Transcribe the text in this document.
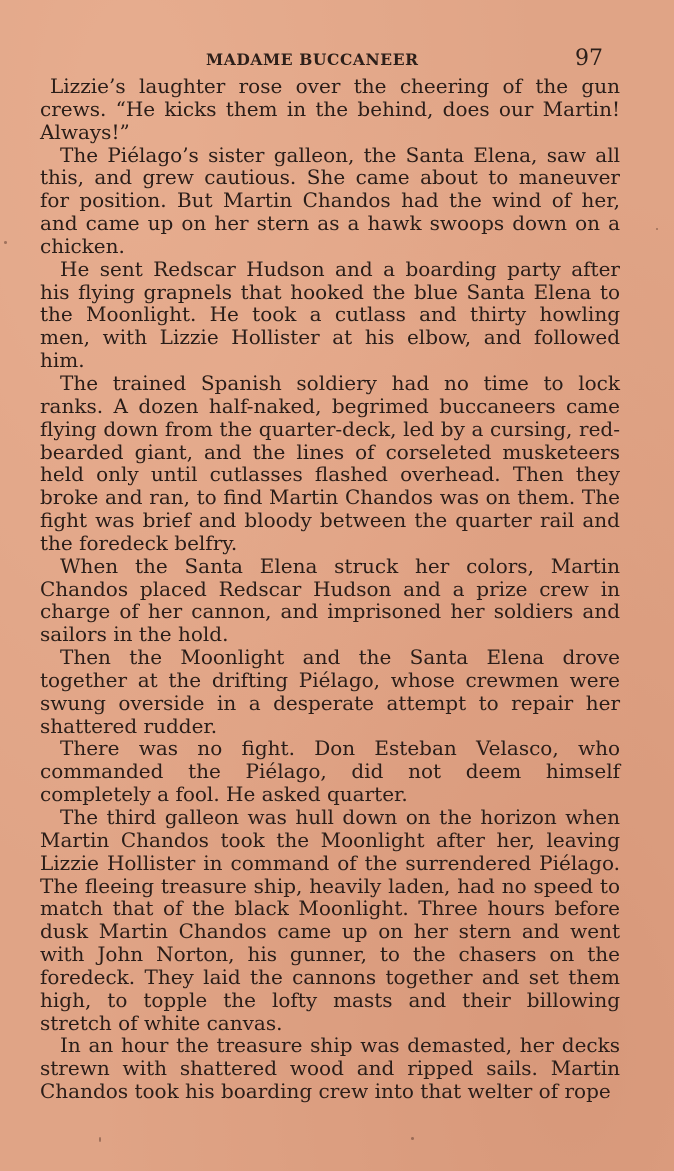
MADAME BUCCANEER	97

Lizzie’s laughter rose over the cheering of the gun crews. “He kicks them in the behind, does our Martin! Always!”

The Piélago’s sister galleon, the Santa Elena, saw all this, and grew cautious. She came about to maneuver for position. But Martin Chandos had the wind of her, and came up on her stern as a hawk swoops down on a chicken.

He sent Redscar Hudson and a boarding party after his flying grapnels that hooked the blue Santa Elena to the Moonlight. He took a cutlass and thirty howling men, with Lizzie Hollister at his elbow, and followed him.

The trained Spanish soldiery had no time to lock ranks. A dozen half-naked, begrimed buccaneers came flying down from the quarter-deck, led by a cursing, red-bearded giant, and the lines of corseleted musketeers held only until cutlasses flashed overhead. Then they broke and ran, to find Martin Chandos was on them. The fight was brief and bloody between the quarter rail and the foredeck belfry.

When the Santa Elena struck her colors, Martin Chandos placed Redscar Hudson and a prize crew in charge of her cannon, and imprisoned her soldiers and sailors in the hold.

Then the Moonlight and the Santa Elena drove together at the drifting Piélago, whose crewmen were swung overside in a desperate attempt to repair her shattered rudder.

There was no fight. Don Esteban Velasco, who commanded the Piélago, did not deem himself completely a fool. He asked quarter.

The third galleon was hull down on the horizon when Martin Chandos took the Moonlight after her, leaving Lizzie Hollister in command of the surrendered Piélago. The fleeing treasure ship, heavily laden, had no speed to match that of the black Moonlight. Three hours before dusk Martin Chandos came up on her stern and went with John Norton, his gunner, to the chasers on the foredeck. They laid the cannons together and set them high, to topple the lofty masts and their billowing stretch of white canvas.

In an hour the treasure ship was demasted, her decks strewn with shattered wood and ripped sails. Martin Chandos took his boarding crew into that welter of rope
